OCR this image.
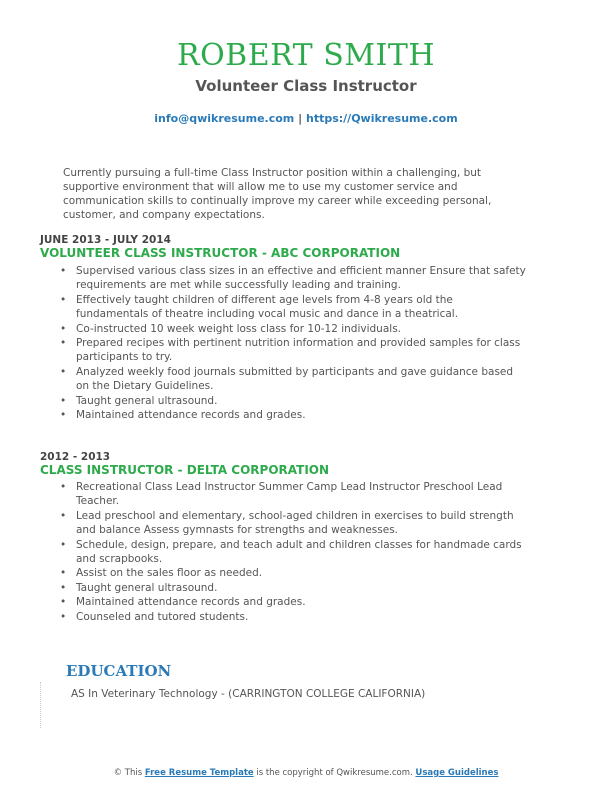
ROBERT SMITH
Volunteer Class Instructor
info@qwikresume.com | https://Qwikresume.com
Currently pursuing a full-time Class Instructor position within a challenging, but supportive environment that will allow me to use my customer service and communication skills to continually improve my career while exceeding personal, customer, and company expectations.
JUNE 2013 - JULY 2014
VOLUNTEER CLASS INSTRUCTOR - ABC CORPORATION
• Supervised various class sizes in an effective and efficient manner Ensure that safety requirements are met while successfully leading and training.
• Effectively taught children of different age levels from 4-8 years old the fundamentals of theatre including vocal music and dance in a theatrical.
• Co-instructed 10 week weight loss class for 10-12 individuals.
• Prepared recipes with pertinent nutrition information and provided samples for class participants to try.
• Analyzed weekly food journals submitted by participants and gave guidance based on the Dietary Guidelines.
• Taught general ultrasound.
• Maintained attendance records and grades.
2012 - 2013
CLASS INSTRUCTOR - DELTA CORPORATION
• Recreational Class Lead Instructor Summer Camp Lead Instructor Preschool Lead Teacher.
• Lead preschool and elementary, school-aged children in exercises to build strength and balance Assess gymnasts for strengths and weaknesses.
• Schedule, design, prepare, and teach adult and children classes for handmade cards and scrapbooks.
• Assist on the sales floor as needed.
• Taught general ultrasound.
• Maintained attendance records and grades.
• Counseled and tutored students.
EDUCATION
AS In Veterinary Technology - (CARRINGTON COLLEGE CALIFORNIA)
© This Free Resume Template is the copyright of Qwikresume.com. Usage Guidelines
